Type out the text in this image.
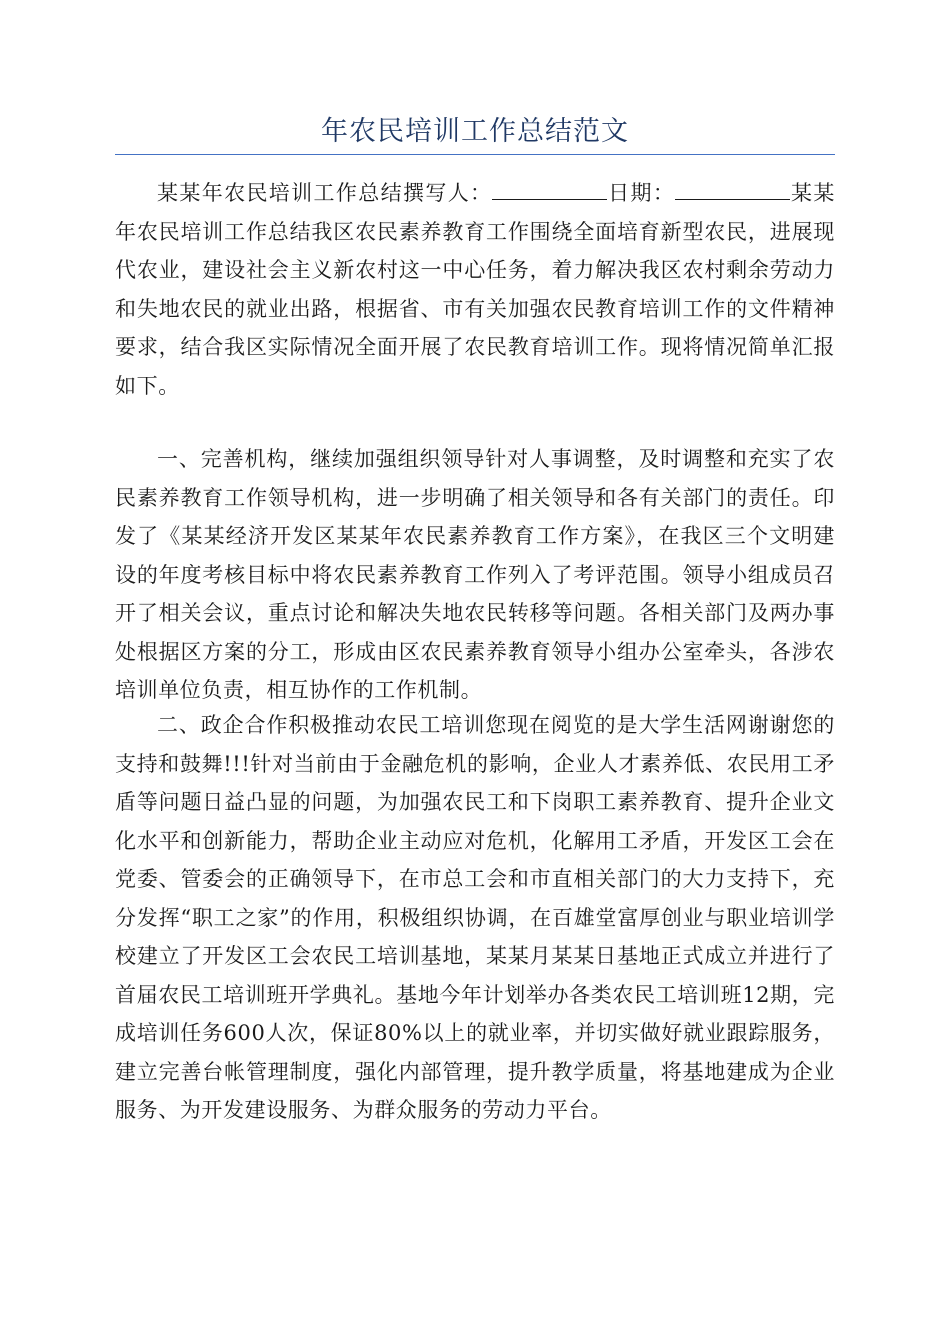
年农民培训工作总结范文

某某年农民培训工作总结撰写人：	日期：	某某年农民培训工作总结我区农民素养教育工作围绕全面培育新型农民，进展现代农业，建设社会主义新农村这一中心任务，着力解决我区农村剩余劳动力和失地农民的就业出路，根据省、市有关加强农民教育培训工作的文件精神要求，结合我区实际情况全面开展了农民教育培训工作。现将情况简单汇报如下。

一、完善机构，继续加强组织领导针对人事调整，及时调整和充实了农民素养教育工作领导机构，进一步明确了相关领导和各有关部门的责任。印发了《某某经济开发区某某年农民素养教育工作方案》，在我区三个文明建设的年度考核目标中将农民素养教育工作列入了考评范围。领导小组成员召开了相关会议，重点讨论和解决失地农民转移等问题。各相关部门及两办事处根据区方案的分工，形成由区农民素养教育领导小组办公室牵头，各涉农培训单位负责，相互协作的工作机制。

二、政企合作积极推动农民工培训您现在阅览的是大学生活网谢谢您的支持和鼓舞!!!针对当前由于金融危机的影响，企业人才素养低、农民用工矛盾等问题日益凸显的问题，为加强农民工和下岗职工素养教育、提升企业文化水平和创新能力，帮助企业主动应对危机，化解用工矛盾，开发区工会在党委、管委会的正确领导下，在市总工会和市直相关部门的大力支持下，充分发挥“职工之家”的作用，积极组织协调，在百雄堂富厚创业与职业培训学校建立了开发区工会农民工培训基地，某某月某某日基地正式成立并进行了首届农民工培训班开学典礼。基地今年计划举办各类农民工培训班12期，完成培训任务600人次，保证80%以上的就业率，并切实做好就业跟踪服务，建立完善台帐管理制度，强化内部管理，提升教学质量，将基地建成为企业服务、为开发建设服务、为群众服务的劳动力平台。
